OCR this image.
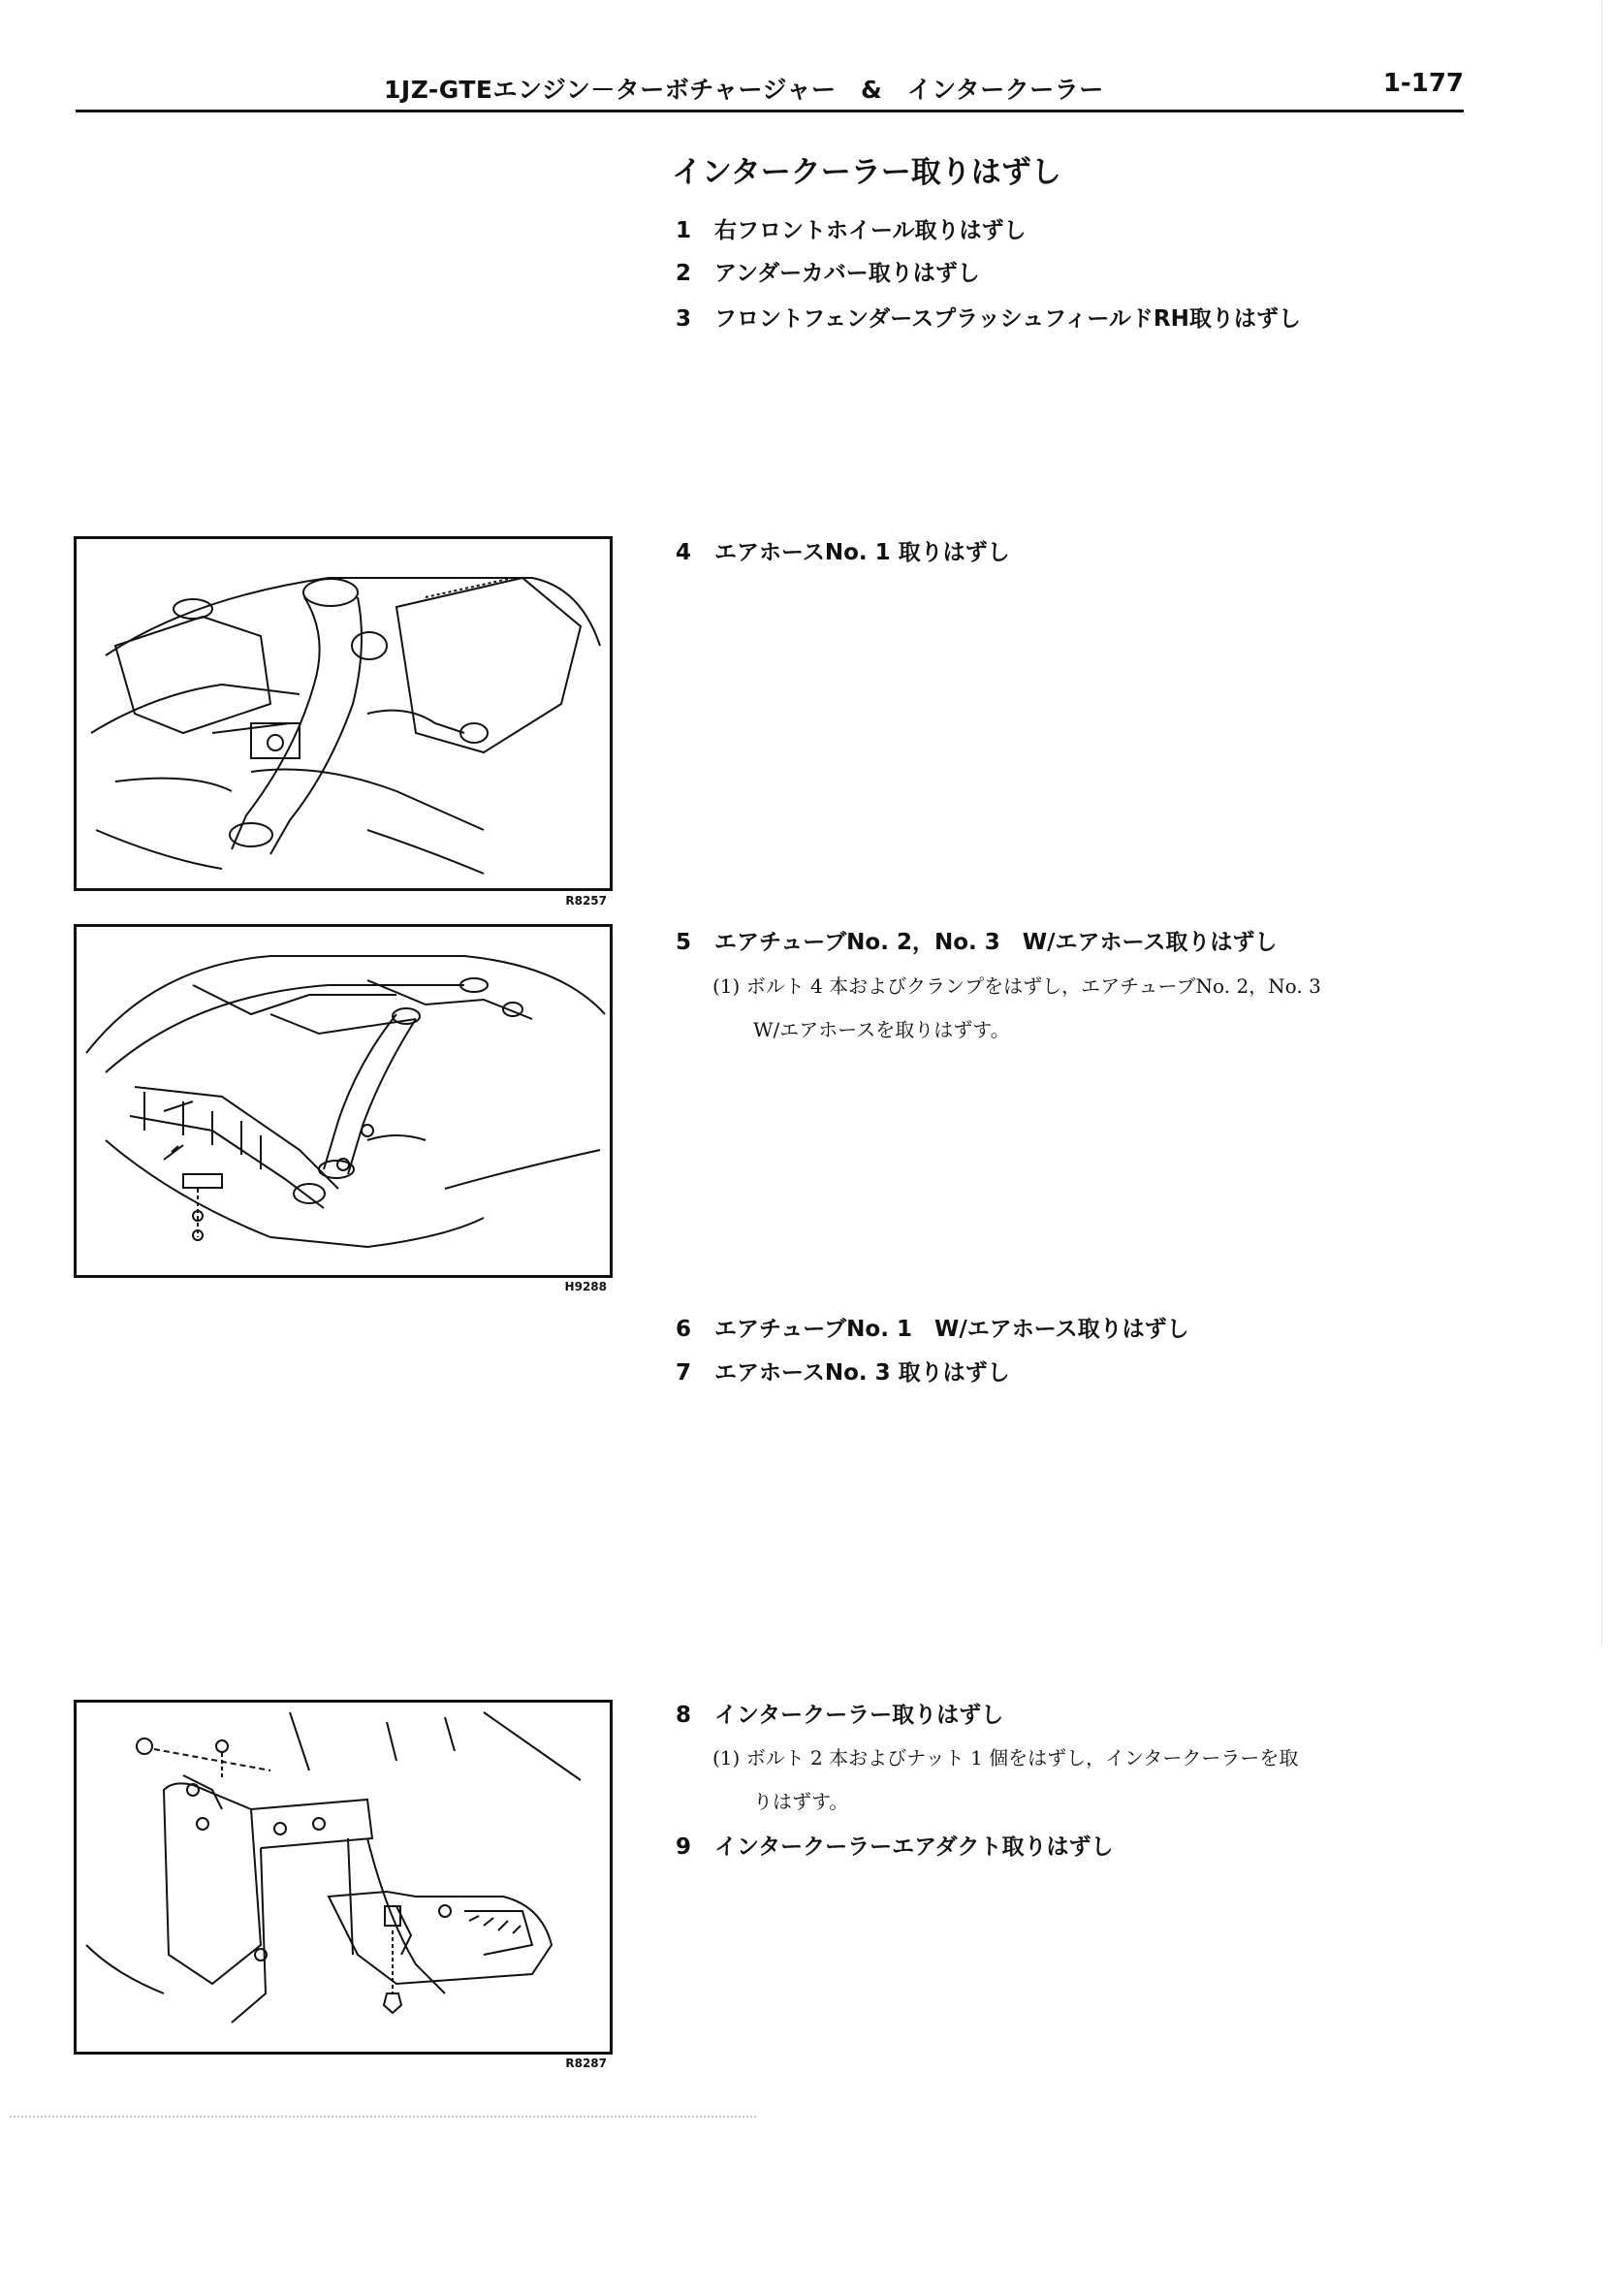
1JZ-GTEエンジン－ターボチャージャー　&　インタークーラー	1-177
インタークーラー取りはずし
1 右フロントホイール取りはずし
2 アンダーカバー取りはずし
3 フロントフェンダースプラッシュフィールドRH取りはずし
4 エアホースNo. 1 取りはずし
5 エアチューブNo. 2，No. 3　W/エアホース取りはずし
(1) ボルト 4 本およびクランプをはずし，エアチューブNo. 2，No. 3
W/エアホースを取りはずす。
6 エアチューブNo. 1　W/エアホース取りはずし
7 エアホースNo. 3 取りはずし
8 インタークーラー取りはずし
(1) ボルト 2 本およびナット 1 個をはずし，インタークーラーを取
りはずす。
9 インタークーラーエアダクト取りはずし
R8257
H9288
R8287
